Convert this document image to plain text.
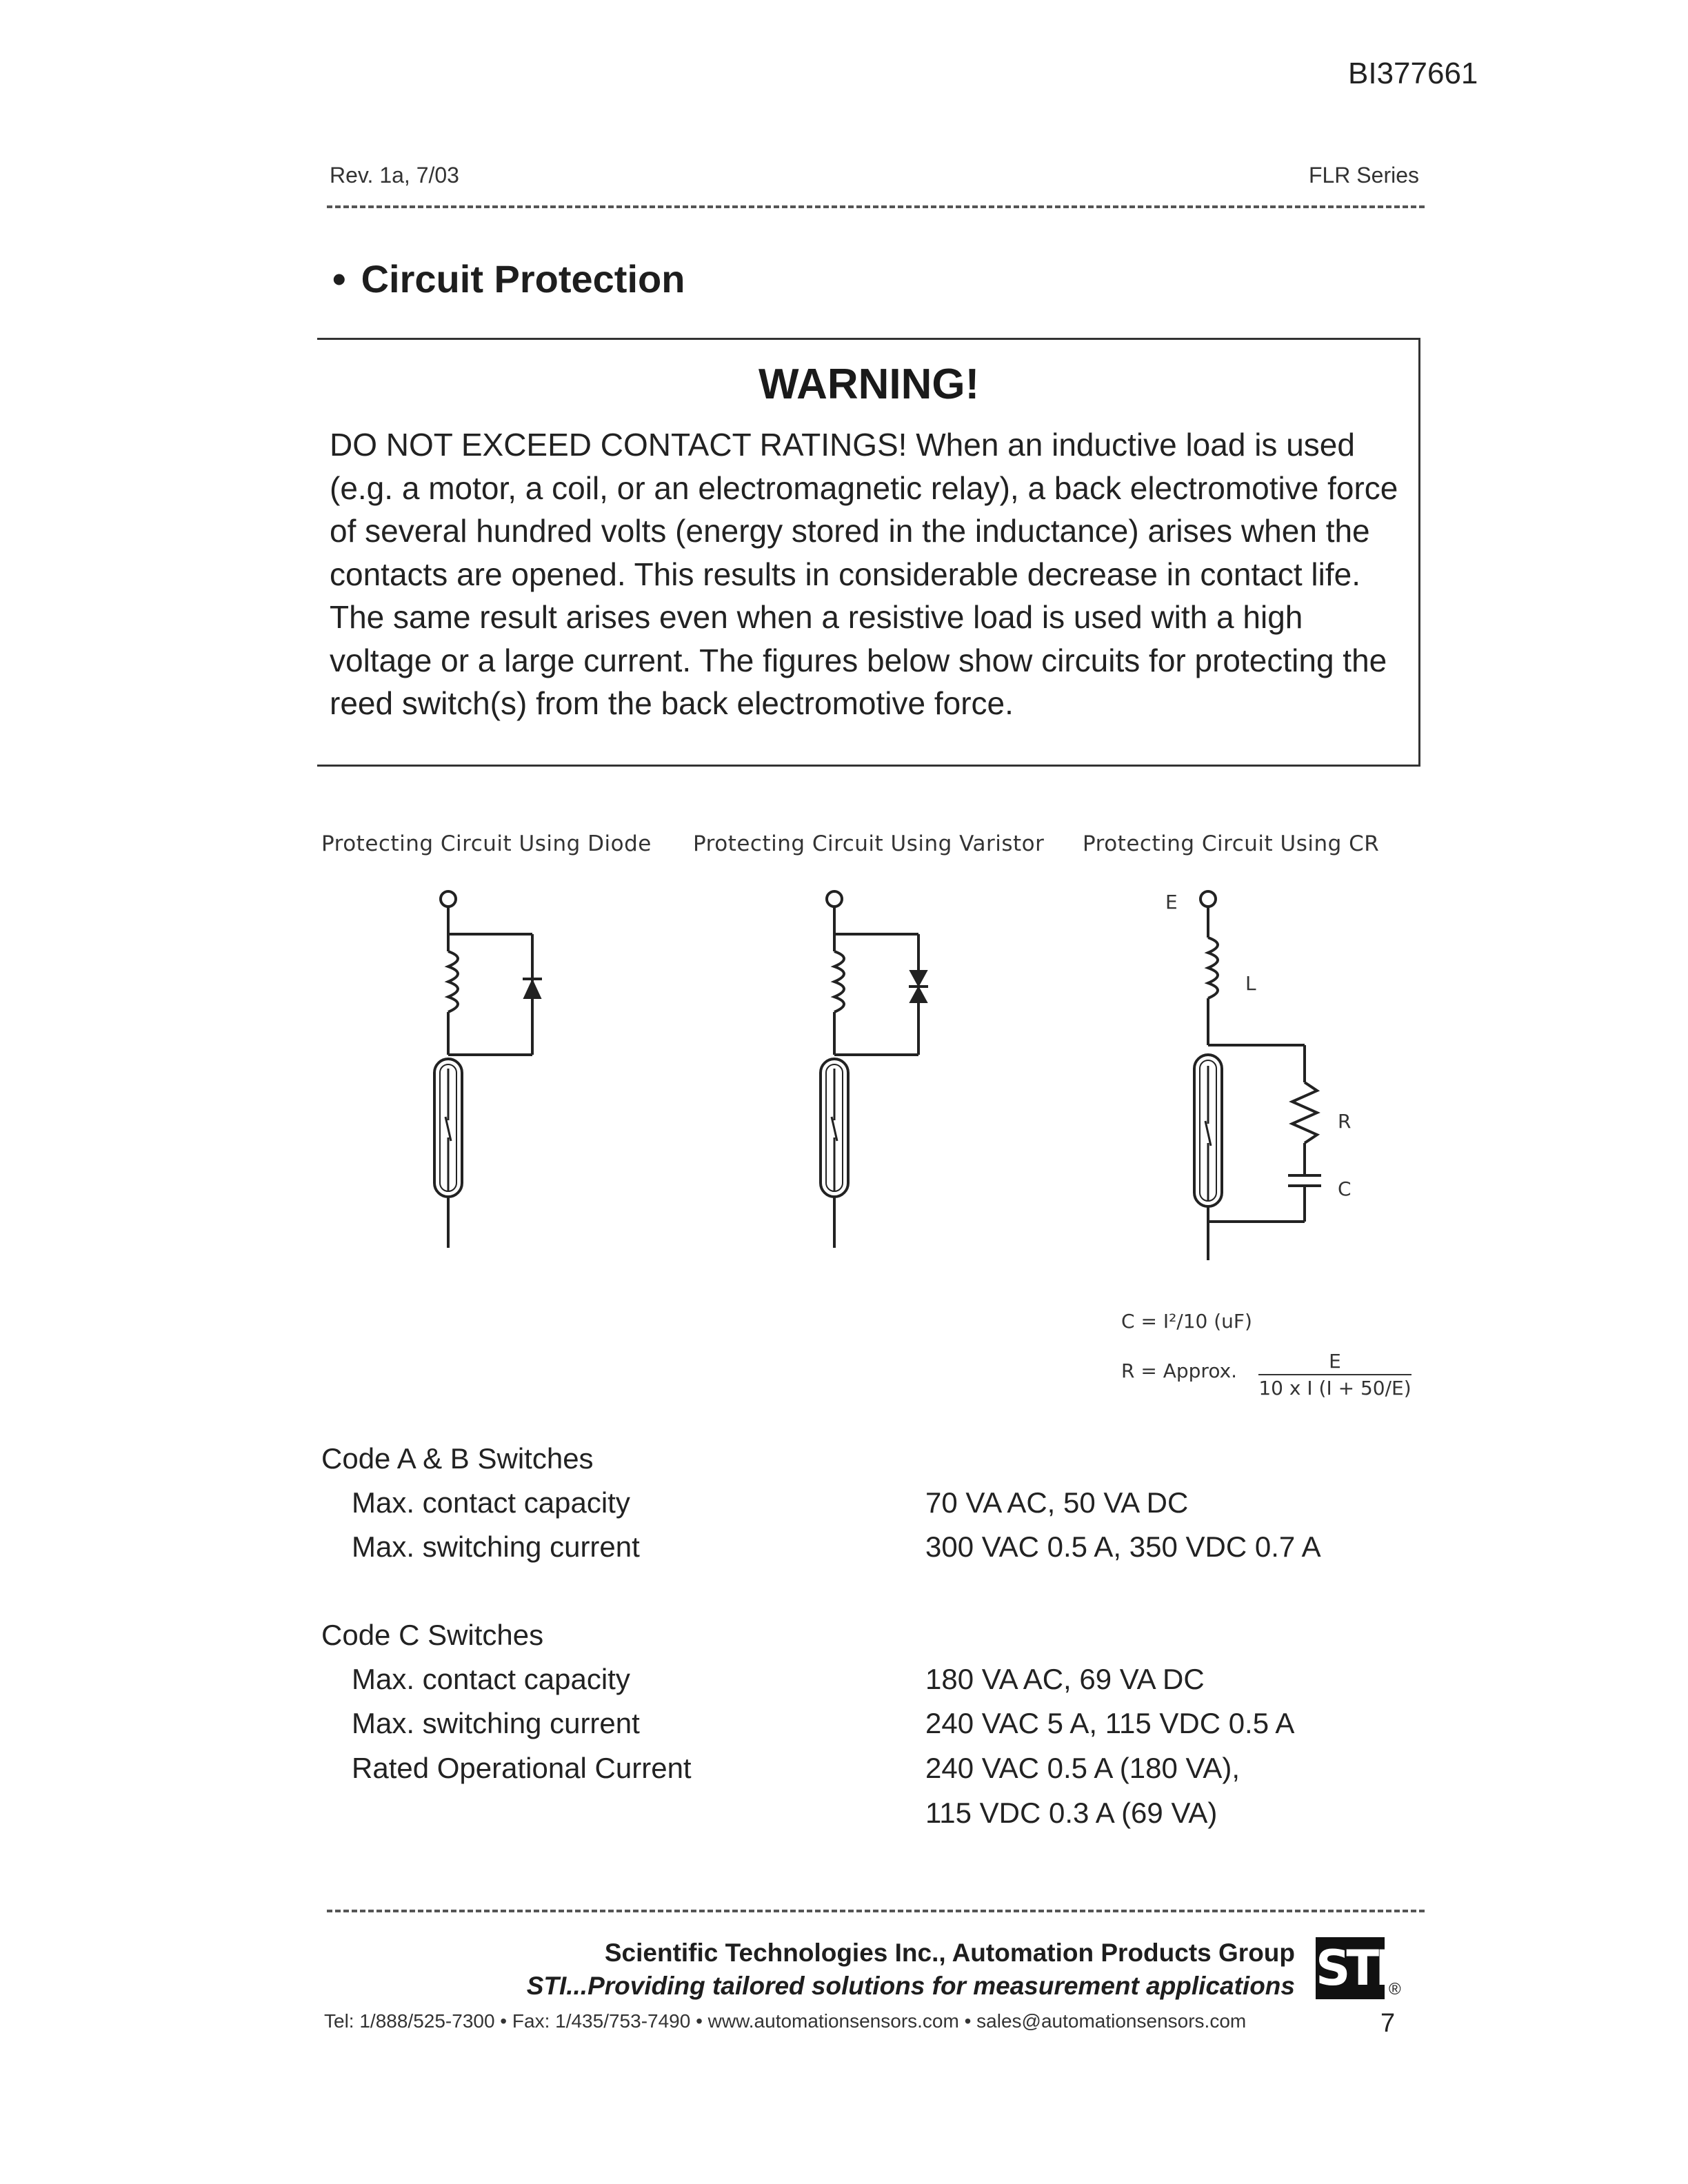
BI377661
Rev. 1a, 7/03	FLR Series
• Circuit Protection
WARNING!
DO NOT EXCEED CONTACT RATINGS! When an inductive load is used (e.g. a motor, a coil, or an electromagnetic relay), a back electromotive force of several hundred volts (energy stored in the inductance) arises when the contacts are opened. This results in considerable decrease in contact life. The same result arises even when a resistive load is used with a high voltage or a large current. The figures below show circuits for protecting the reed switch(s) from the back electromotive force.
Protecting Circuit Using Diode Protecting Circuit Using Varistor Protecting Circuit Using CR
E
L
R
C
C = I²/10 (uF)
R = Approx. $\frac{E}{\text{10 x I (I + 50/E)}}$
Code A & B Switches
Max. contact capacity	70 VA AC, 50 VA DC
Max. switching current	300 VAC 0.5 A, 350 VDC 0.7 A
Code C Switches
Max. contact capacity	180 VA AC, 69 VA DC
Max. switching current	240 VAC 5 A, 115 VDC 0.5 A
Rated Operational Current	240 VAC 0.5 A (180 VA),
115 VDC 0.3 A (69 VA)
Scientific Technologies Inc., Automation Products Group
STI...Providing tailored solutions for measurement applications
Tel: 1/888/525-7300 • Fax: 1/435/753-7490 • www.automationsensors.com • sales@automationsensors.com
STI ®
7
